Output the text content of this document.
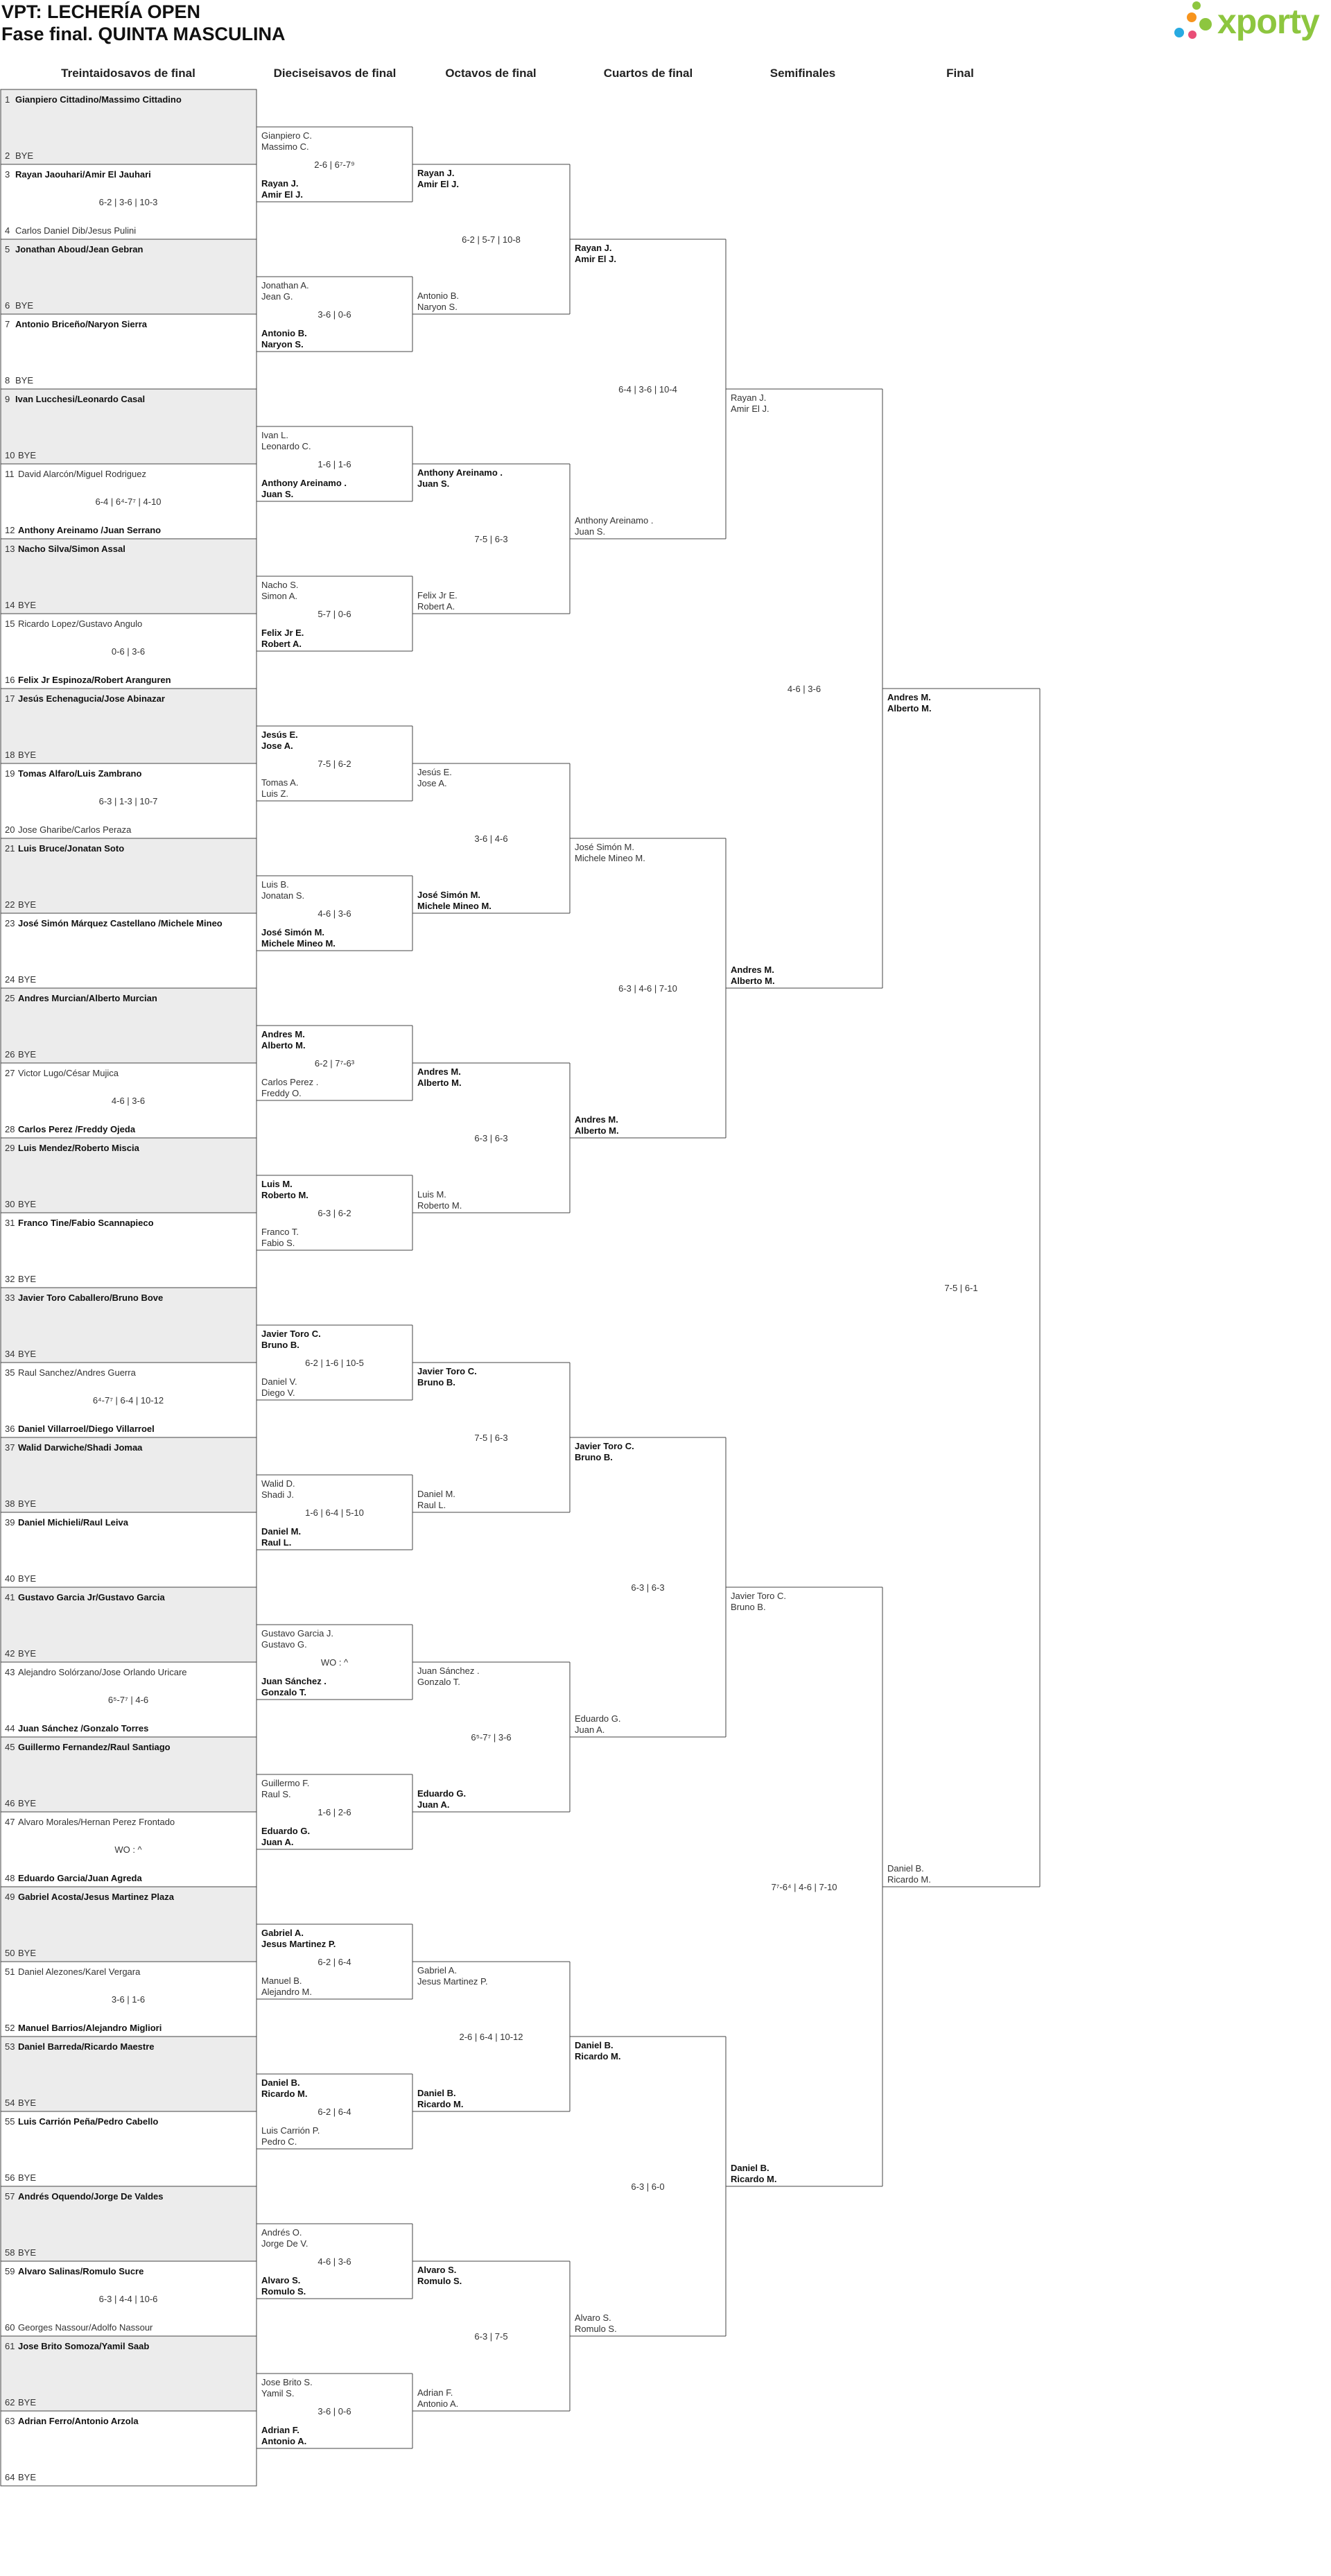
VPT: LECHERÍA OPEN
Fase final. QUINTA MASCULINA	xporty
Treintaidosavos de final	Dieciseisavos de final	Octavos de final	Cuartos de final	Semifinales	Final
1 Gianpiero Cittadino/Massimo Cittadino
2 BYE
3 Rayan Jaouhari/Amir El Jauhari
4 Carlos Daniel Dib/Jesus Pulini
6-2 | 3-6 | 10-3
5 Jonathan Aboud/Jean Gebran
6 BYE
7 Antonio Briceño/Naryon Sierra
8 BYE
9 Ivan Lucchesi/Leonardo Casal
10 BYE
11 David Alarcón/Miguel Rodriguez
12 Anthony Areinamo /Juan Serrano
6-4 | 6⁴-7⁷ | 4-10
13 Nacho Silva/Simon Assal
14 BYE
15 Ricardo Lopez/Gustavo Angulo
16 Felix Jr Espinoza/Robert Aranguren
0-6 | 3-6
17 Jesús Echenagucia/Jose Abinazar
18 BYE
19 Tomas Alfaro/Luis Zambrano
20 Jose Gharibe/Carlos Peraza
6-3 | 1-3 | 10-7
21 Luis Bruce/Jonatan Soto
22 BYE
23 José Simón Márquez Castellano /Michele Mineo
24 BYE
25 Andres Murcian/Alberto Murcian
26 BYE
27 Victor Lugo/César Mujica
28 Carlos Perez /Freddy Ojeda
4-6 | 3-6
29 Luis Mendez/Roberto Miscia
30 BYE
31 Franco Tine/Fabio Scannapieco
32 BYE
33 Javier Toro Caballero/Bruno Bove
34 BYE
35 Raul Sanchez/Andres Guerra
36 Daniel Villarroel/Diego Villarroel
6⁴-7⁷ | 6-4 | 10-12
37 Walid Darwiche/Shadi Jomaa
38 BYE
39 Daniel Michieli/Raul Leiva
40 BYE
41 Gustavo Garcia Jr/Gustavo Garcia
42 BYE
43 Alejandro Solórzano/Jose Orlando Uricare
44 Juan Sánchez /Gonzalo Torres
6⁵-7⁷ | 4-6
45 Guillermo Fernandez/Raul Santiago
46 BYE
47 Alvaro Morales/Hernan Perez Frontado
48 Eduardo Garcia/Juan Agreda
WO : ^
49 Gabriel Acosta/Jesus Martinez Plaza
50 BYE
51 Daniel Alezones/Karel Vergara
52 Manuel Barrios/Alejandro Migliori
3-6 | 1-6
53 Daniel Barreda/Ricardo Maestre
54 BYE
55 Luis Carrión Peña/Pedro Cabello
56 BYE
57 Andrés Oquendo/Jorge De Valdes
58 BYE
59 Alvaro Salinas/Romulo Sucre
60 Georges Nassour/Adolfo Nassour
6-3 | 4-4 | 10-6
61 Jose Brito Somoza/Yamil Saab
62 BYE
63 Adrian Ferro/Antonio Arzola
64 BYE
Gianpiero C.
Massimo C.
Rayan J.
Amir El J.
2-6 | 6⁷-7⁹
Jonathan A.
Jean G.
Antonio B.
Naryon S.
3-6 | 0-6
Ivan L.
Leonardo C.
Anthony Areinamo .
Juan S.
1-6 | 1-6
Nacho S.
Simon A.
Felix Jr E.
Robert A.
5-7 | 0-6
Jesús E.
Jose A.
Tomas A.
Luis Z.
7-5 | 6-2
Luis B.
Jonatan S.
José Simón M.
Michele Mineo M.
4-6 | 3-6
Andres M.
Alberto M.
Carlos Perez .
Freddy O.
6-2 | 7⁷-6³
Luis M.
Roberto M.
Franco T.
Fabio S.
6-3 | 6-2
Javier Toro C.
Bruno B.
Daniel V.
Diego V.
6-2 | 1-6 | 10-5
Walid D.
Shadi J.
Daniel M.
Raul L.
1-6 | 6-4 | 5-10
Gustavo Garcia J.
Gustavo G.
Juan Sánchez .
Gonzalo T.
WO : ^
Guillermo F.
Raul S.
Eduardo G.
Juan A.
1-6 | 2-6
Gabriel A.
Jesus Martinez P.
Manuel B.
Alejandro M.
6-2 | 6-4
Daniel B.
Ricardo M.
Luis Carrión P.
Pedro C.
6-2 | 6-4
Andrés O.
Jorge De V.
Alvaro S.
Romulo S.
4-6 | 3-6
Jose Brito S.
Yamil S.
Adrian F.
Antonio A.
3-6 | 0-6
Rayan J.
Amir El J.
Antonio B.
Naryon S.
6-2 | 5-7 | 10-8
Anthony Areinamo .
Juan S.
Felix Jr E.
Robert A.
7-5 | 6-3
Jesús E.
Jose A.
José Simón M.
Michele Mineo M.
3-6 | 4-6
Andres M.
Alberto M.
Luis M.
Roberto M.
6-3 | 6-3
Javier Toro C.
Bruno B.
Daniel M.
Raul L.
7-5 | 6-3
Juan Sánchez .
Gonzalo T.
Eduardo G.
Juan A.
6⁵-7⁷ | 3-6
Gabriel A.
Jesus Martinez P.
Daniel B.
Ricardo M.
2-6 | 6-4 | 10-12
Alvaro S.
Romulo S.
Adrian F.
Antonio A.
6-3 | 7-5
Rayan J.
Amir El J.
Anthony Areinamo .
Juan S.
6-4 | 3-6 | 10-4
José Simón M.
Michele Mineo M.
Andres M.
Alberto M.
6-3 | 4-6 | 7-10
Javier Toro C.
Bruno B.
Eduardo G.
Juan A.
6-3 | 6-3
Daniel B.
Ricardo M.
Alvaro S.
Romulo S.
6-3 | 6-0
Rayan J.
Amir El J.
Andres M.
Alberto M.
4-6 | 3-6
Javier Toro C.
Bruno B.
Daniel B.
Ricardo M.
7⁷-6⁴ | 4-6 | 7-10
Andres M.
Alberto M.
Daniel B.
Ricardo M.
7-5 | 6-1
